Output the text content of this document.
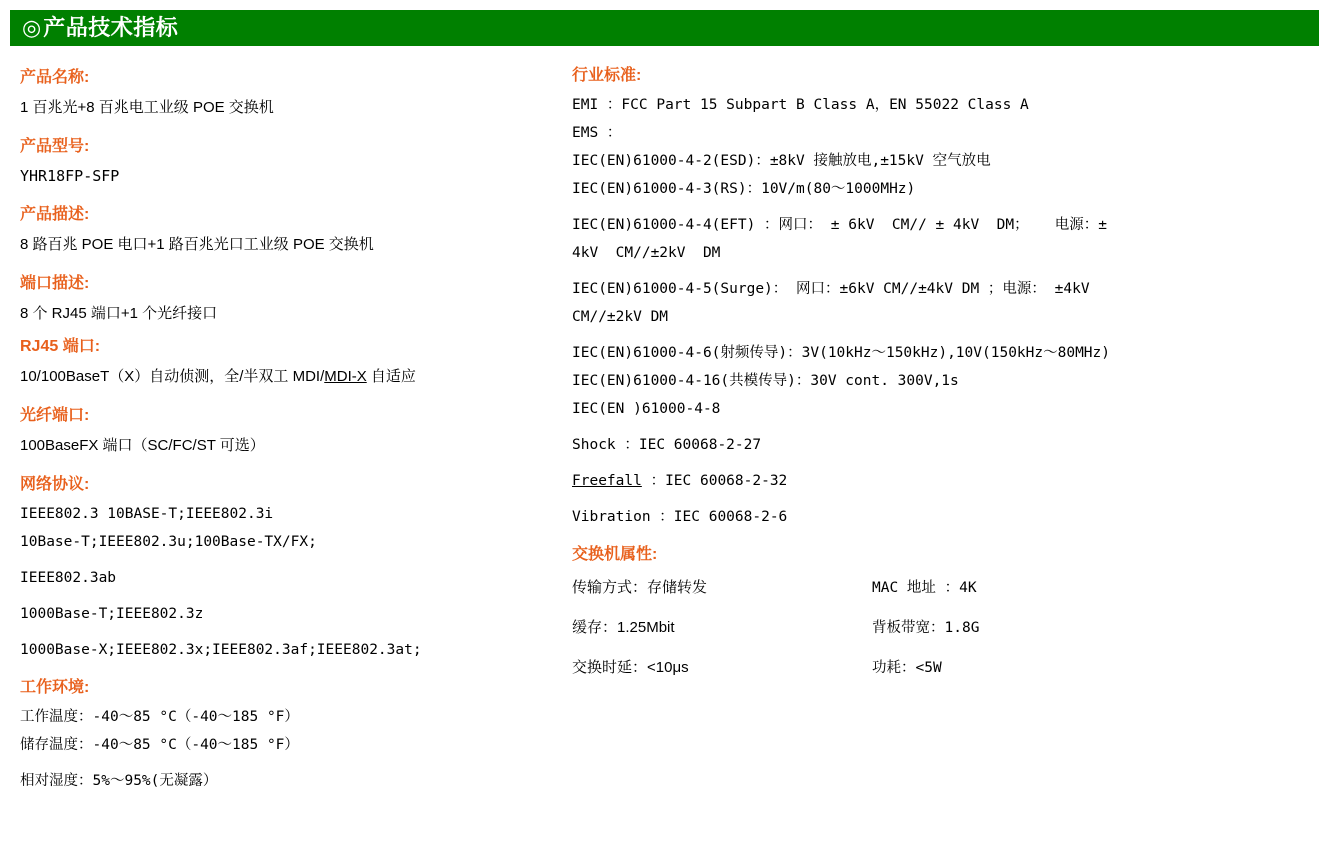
◎ 产品技术指标
产品名称:
1 百兆光+8 百兆电工业级 POE 交换机
产品型号:
YHR18FP-SFP
产品描述:
8 路百兆 POE 电口+1 路百兆光口工业级 POE 交换机
端口描述:
8 个 RJ45 端口+1 个光纤接口
RJ45 端口:
10/100BaseT（X）自动侦测，全/半双工 MDI/MDI-X 自适应
光纤端口:
100BaseFX 端口（SC/FC/ST 可选）
网络协议:
IEEE802.3 10BASE-T;IEEE802.3i
10Base-T;IEEE802.3u;100Base-TX/FX;
IEEE802.3ab
1000Base-T;IEEE802.3z
1000Base-X;IEEE802.3x;IEEE802.3af;IEEE802.3at;
工作环境:
工作温度：-40～85 °C（-40～185 °F）
储存温度：-40～85 °C（-40～185 °F）
相对湿度：5%～95%(无凝露）
行业标准:
EMI ：FCC Part 15 Subpart B Class A，EN 55022 Class A
EMS ：
IEC(EN)61000-4-2(ESD)：±8kV 接触放电,±15kV 空气放电
IEC(EN)61000-4-3(RS)：10V/m(80～1000MHz)
IEC(EN)61000-4-4(EFT) ：网口： ± 6kV  CM// ± 4kV  DM；   电源：±
4kV  CM//±2kV  DM
IEC(EN)61000-4-5(Surge)： 网口：±6kV CM//±4kV DM ；电源： ±4kV
CM//±2kV DM
IEC(EN)61000-4-6(射频传导)：3V(10kHz～150kHz),10V(150kHz～80MHz)
IEC(EN)61000-4-16(共模传导)：30V cont. 300V,1s
IEC(EN )61000-4-8
Shock ：IEC 60068-2-27
Freefall ：IEC 60068-2-32
Vibration ：IEC 60068-2-6
交换机属性:
传输方式：存储转发	MAC 地址 ：4K
缓存：1.25Mbit	背板带宽：1.8G
交换时延：<10μs	功耗：<5W
